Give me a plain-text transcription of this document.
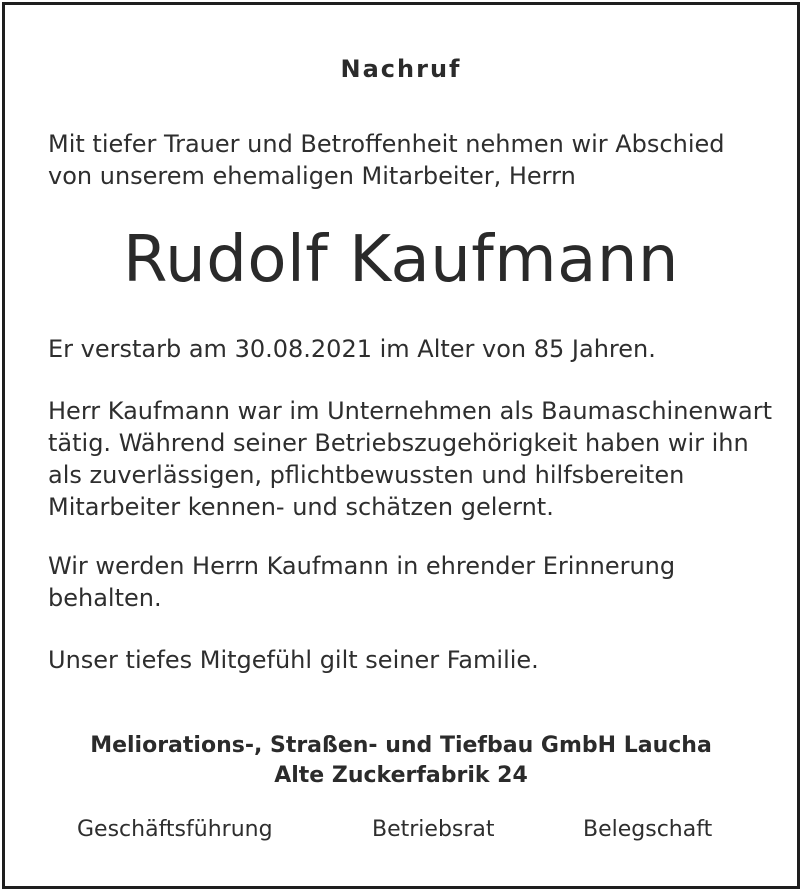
Nachruf

Mit tiefer Trauer und Betroffenheit nehmen wir Abschied
von unserem ehemaligen Mitarbeiter, Herrn

Rudolf Kaufmann

Er verstarb am 30.08.2021 im Alter von 85 Jahren.

Herr Kaufmann war im Unternehmen als Baumaschinenwart
tätig. Während seiner Betriebszugehörigkeit haben wir ihn
als zuverlässigen, pflichtbewussten und hilfsbereiten
Mitarbeiter kennen- und schätzen gelernt.

Wir werden Herrn Kaufmann in ehrender Erinnerung
behalten.

Unser tiefes Mitgefühl gilt seiner Familie.

Meliorations-, Straßen- und Tiefbau GmbH Laucha
Alte Zuckerfabrik 24
Geschäftsführung	Betriebsrat	Belegschaft
